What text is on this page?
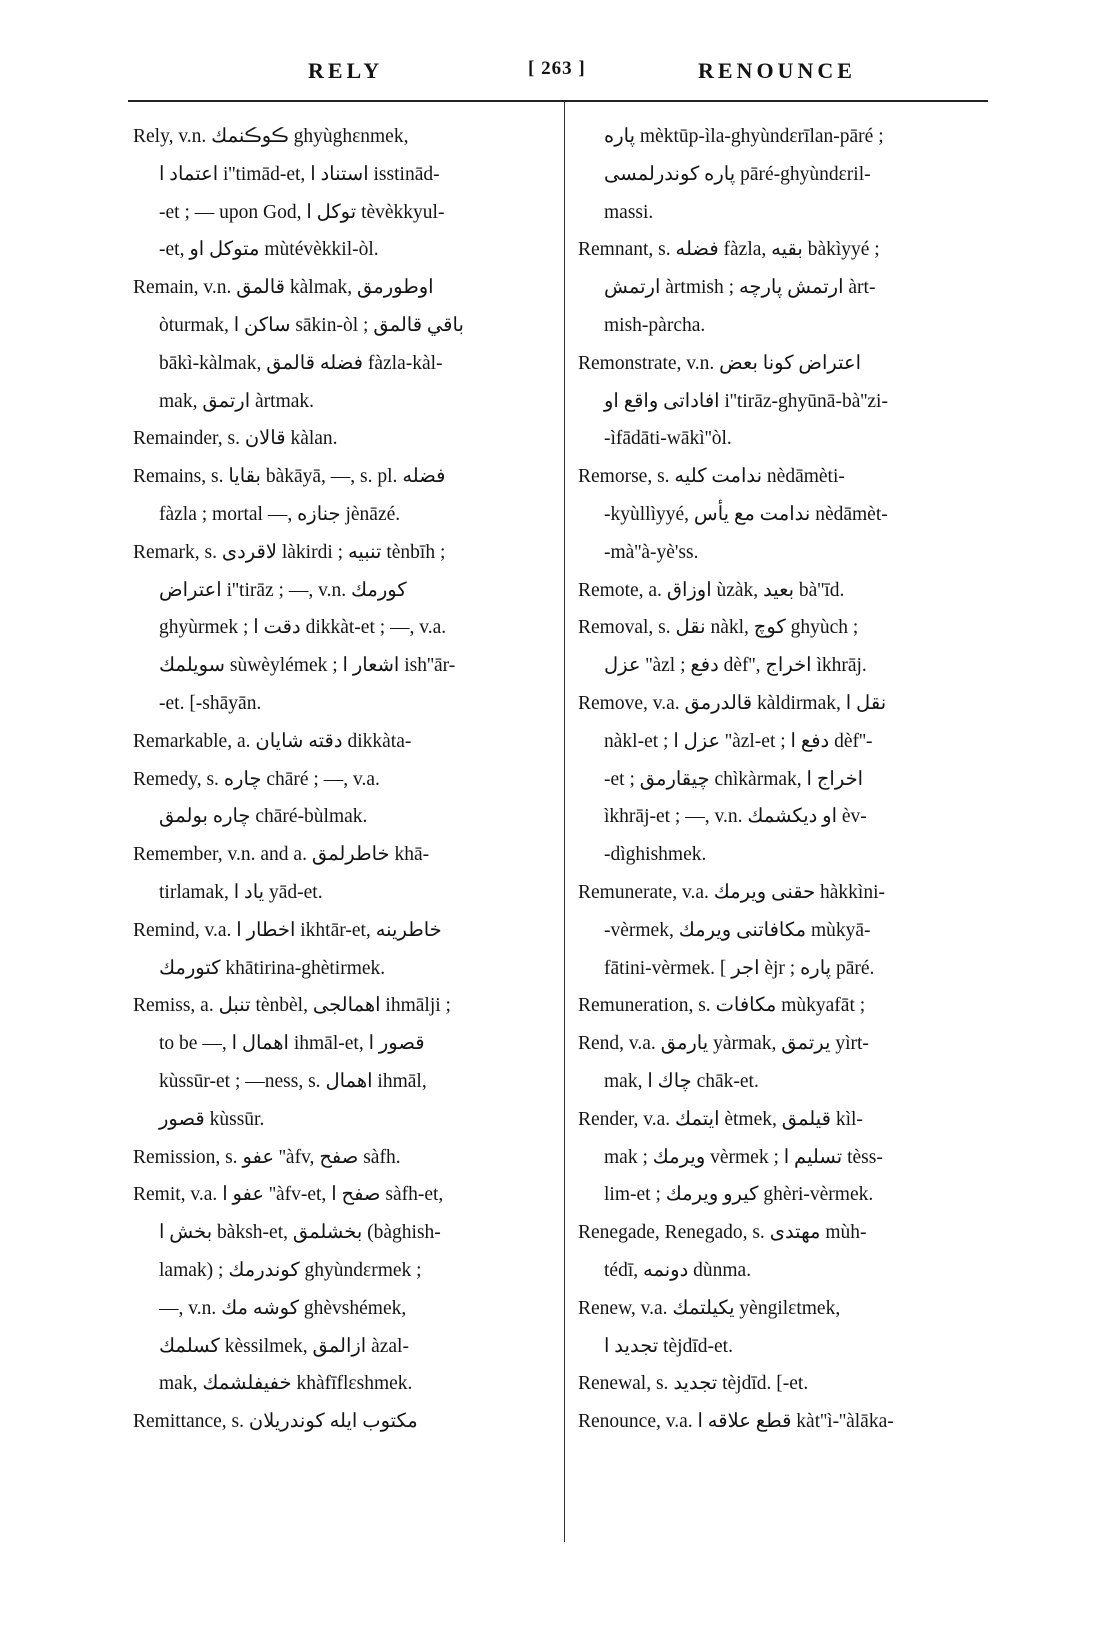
RELY	[ 263 ]	RENOUNCE
Rely, v.n. ڪوڪنمك ghyùghɛnmek,
اعتماد ا i''timād-et, استناد ا isstinād-
-et ; — upon God, توكل ا tèvèkkyul-
-et, متوكل او mùtévèkkil-òl.
Remain, v.n. قالمق kàlmak, اوطورمق
òturmak, ساكن ا sākin-òl ; باقي قالمق
bākì-kàlmak, فضله قالمق fàzla-kàl-
mak, ارتمق àrtmak.
Remainder, s. قالان kàlan.
Remains, s. بقايا bàkāyā, —, s. pl. فضله
fàzla ; mortal —, جنازه jènāzé.
Remark, s. لاقردى làkirdi ; تنبيه tènbīh ;
اعتراض i''tirāz ; —, v.n. كورمك
ghyùrmek ; دقت ا dikkàt-et ; —, v.a.
سويلمك sùwèylémek ; اشعار ا ish''ār-
-et. [-shāyān.
Remarkable, a. دقته شايان dikkàta-
Remedy, s. چاره chāré ; —, v.a.
چاره بولمق chāré-bùlmak.
Remember, v.n. and a. خاطرلمق khā-
tirlamak, ياد ا yād-et.
Remind, v.a. اخطار ا ikhtār-et, خاطرينه
كتورمك khātirina-ghètirmek.
Remiss, a. تنبل tènbèl, اهمالجى ihmālji ;
to be —, اهمال ا ihmāl-et, قصور ا
kùssūr-et ; —ness, s. اهمال ihmāl,
قصور kùssūr.
Remission, s. عفو ''àfv, صفح sàfh.
Remit, v.a. عفو ا ''àfv-et, صفح ا sàfh-et,
بخش ا bàksh-et, بخشلمق (bàghish-
lamak) ; كوندرمك ghyùndɛrmek ;
—, v.n. كوشه مك ghèvshémek,
كسلمك kèssilmek, ازالمق àzal-
mak, خفيفلشمك khàfīflɛshmek.
Remittance, s. مكتوب ايله كوندريلان
پاره mèktūp-ìla-ghyùndɛrīlan-pāré ;
پاره كوندرلمسى pāré-ghyùndɛril-
massi.
Remnant, s. فضله fàzla, بقيه bàkìyyé ;
ارتمش àrtmish ; ارتمش پارچه àrt-
mish-pàrcha.
Remonstrate, v.n. اعتراض كونا بعض
افاداتى واقع او i''tirāz-ghyūnā-bà''zi-
-ìfādāti-wākì''òl.
Remorse, s. ندامت كليه nèdāmèti-
-kyùllìyyé, ندامت مع يأس nèdāmèt-
-mà''à-yè'ss.
Remote, a. اوزاق ùzàk, بعيد bà''īd.
Removal, s. نقل nàkl, كوچ ghyùch ;
عزل ''àzl ; دفع dèf'', اخراج ìkhrāj.
Remove, v.a. قالدرمق kàldirmak, نقل ا
nàkl-et ; عزل ا ''àzl-et ; دفع ا dèf''-
-et ; چيقارمق chìkàrmak, اخراج ا
ìkhrāj-et ; —, v.n. او ديكشمك èv-
-dìghishmek.
Remunerate, v.a. حقنى ويرمك hàkkìni-
-vèrmek, مكافاتنى ويرمك mùkyā-
fātini-vèrmek. [ اجر èjr ; پاره pāré.
Remuneration, s. مكافات mùkyafāt ;
Rend, v.a. يارمق yàrmak, يرتمق yìrt-
mak, چاك ا chāk-et.
Render, v.a. ايتمك ètmek, قيلمق kìl-
mak ; ويرمك vèrmek ; تسليم ا tèss-
lim-et ; كيرو ويرمك ghèri-vèrmek.
Renegade, Renegado, s. مهتدى mùh-
tédī, دونمه dùnma.
Renew, v.a. يكيلتمك yèngilɛtmek,
تجديد ا tèjdīd-et.
Renewal, s. تجديد tèjdīd. [-et.
Renounce, v.a. قطع علاقه ا kàt''ì-''àlāka-
